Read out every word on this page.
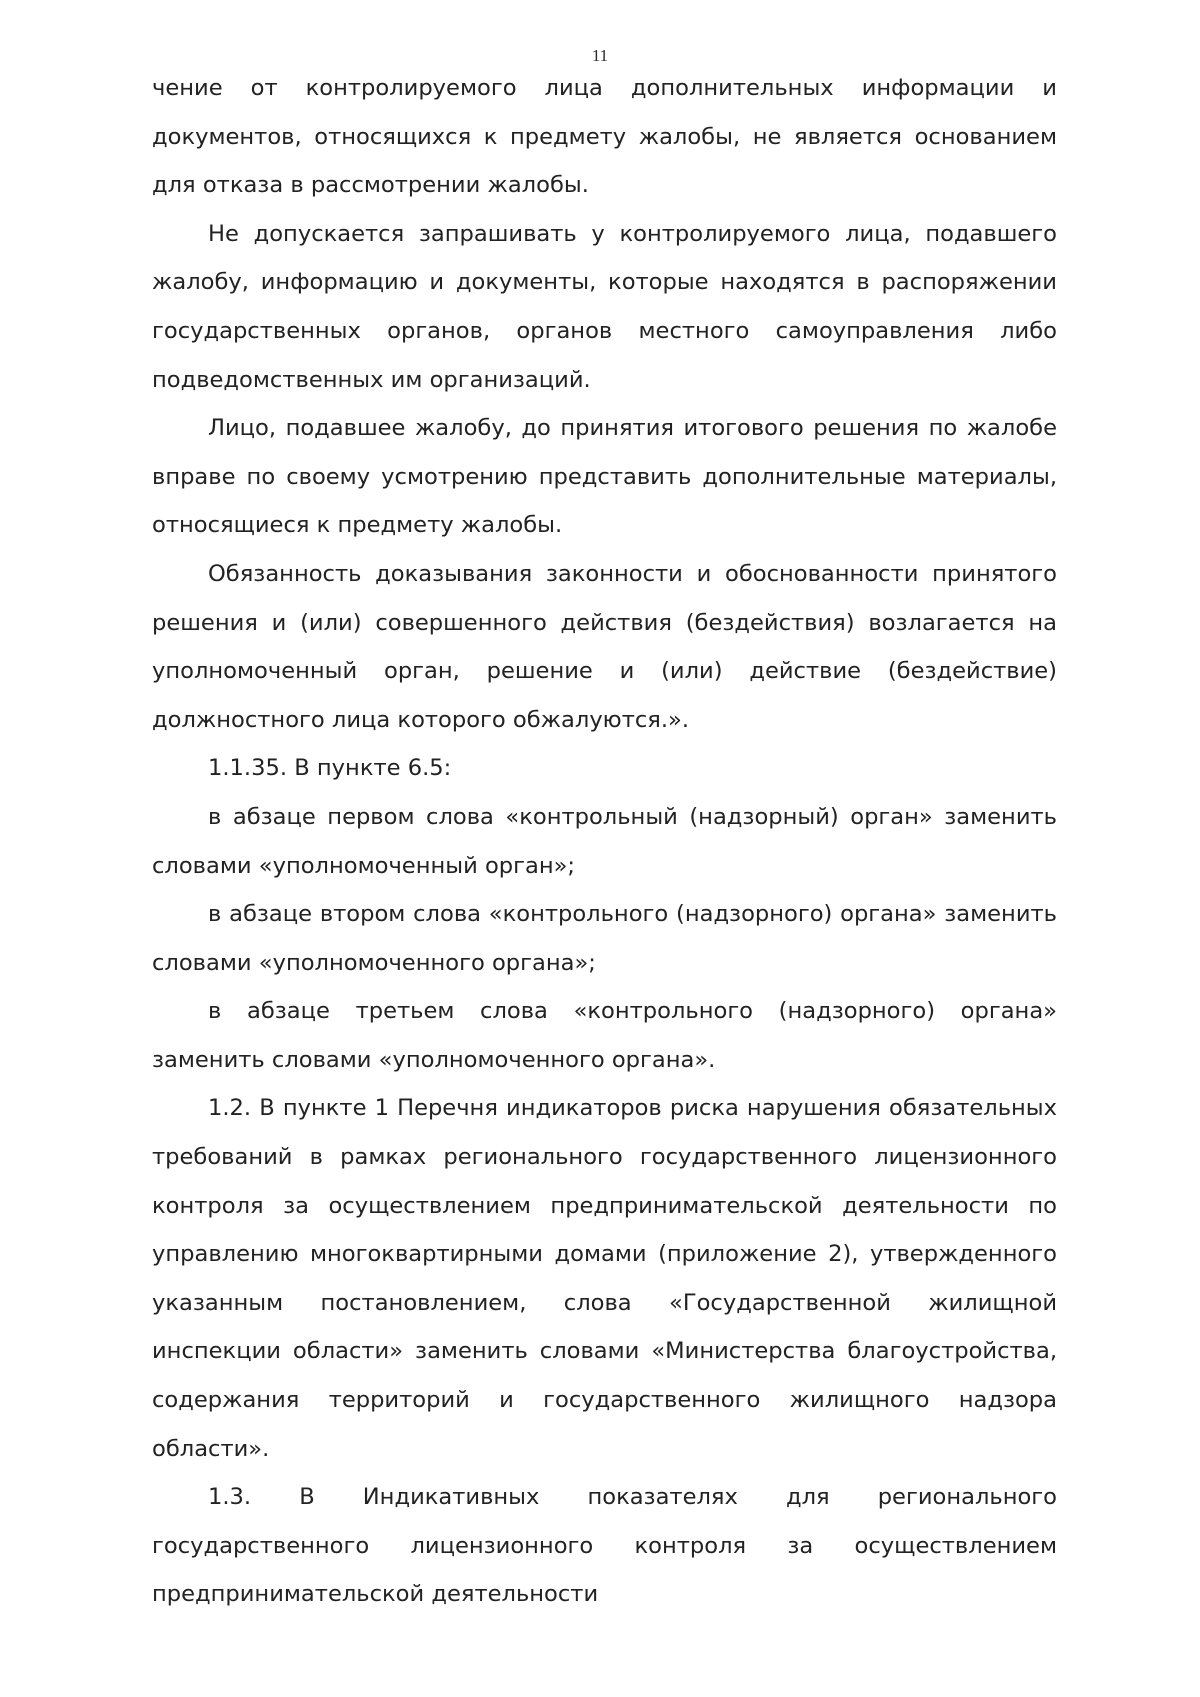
11

чение от контролируемого лица дополнительных информации и документов, относящихся к предмету жалобы, не является основанием для отказа в рассмотрении жалобы.

Не допускается запрашивать у контролируемого лица, подавшего жалобу, информацию и документы, которые находятся в распоряжении государственных органов, органов местного самоуправления либо подведомственных им организаций.

Лицо, подавшее жалобу, до принятия итогового решения по жалобе вправе по своему усмотрению представить дополнительные материалы, относящиеся к предмету жалобы.

Обязанность доказывания законности и обоснованности принятого решения и (или) совершенного действия (бездействия) возлагается на уполномоченный орган, решение и (или) действие (бездействие) должностного лица которого обжалуются.».

1.1.35. В пункте 6.5:

в абзаце первом слова «контрольный (надзорный) орган» заменить словами «уполномоченный орган»;

в абзаце втором слова «контрольного (надзорного) органа» заменить словами «уполномоченного органа»;

в абзаце третьем слова «контрольного (надзорного) органа» заменить словами «уполномоченного органа».

1.2. В пункте 1 Перечня индикаторов риска нарушения обязательных требований в рамках регионального государственного лицензионного контроля за осуществлением предпринимательской деятельности по управлению многоквартирными домами (приложение 2), утвержденного указанным постановлением, слова «Государственной жилищной инспекции области» заменить словами «Министерства благоустройства, содержания территорий и государственного жилищного надзора области».

1.3. В Индикативных показателях для регионального государственного лицензионного контроля за осуществлением предпринимательской деятельности
